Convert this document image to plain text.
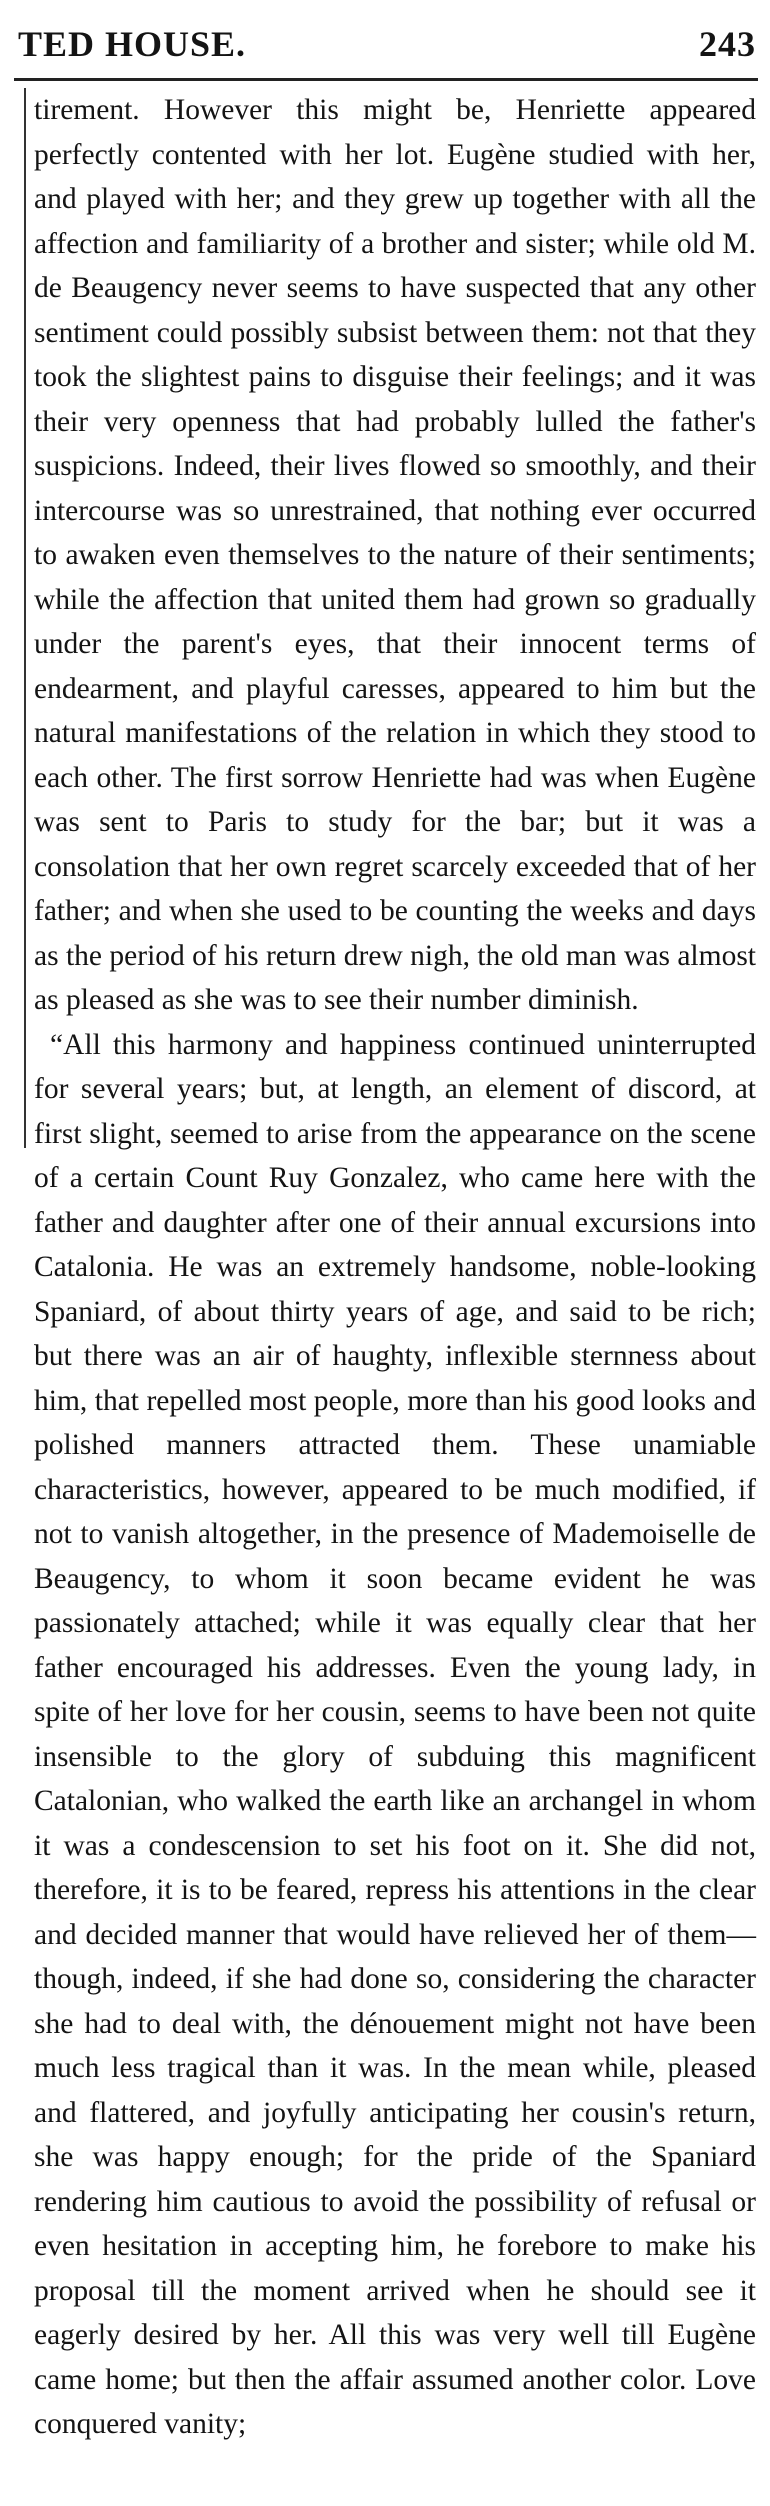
TED HOUSE.	243

tirement. However this might be, Henriette appeared perfectly contented with her lot. Eugène studied with her, and played with her; and they grew up together with all the affection and familiarity of a brother and sister; while old M. de Beaugency never seems to have suspected that any other sentiment could possibly subsist between them: not that they took the slightest pains to disguise their feelings; and it was their very openness that had probably lulled the father's suspicions. Indeed, their lives flowed so smoothly, and their intercourse was so unrestrained, that nothing ever occurred to awaken even themselves to the nature of their sentiments; while the affection that united them had grown so gradually under the parent's eyes, that their innocent terms of endearment, and playful caresses, appeared to him but the natural manifestations of the relation in which they stood to each other. The first sorrow Henriette had was when Eugène was sent to Paris to study for the bar; but it was a consolation that her own regret scarcely exceeded that of her father; and when she used to be counting the weeks and days as the period of his return drew nigh, the old man was almost as pleased as she was to see their number diminish.

“All this harmony and happiness continued uninterrupted for several years; but, at length, an element of discord, at first slight, seemed to arise from the appearance on the scene of a certain Count Ruy Gonzalez, who came here with the father and daughter after one of their annual excursions into Catalonia. He was an extremely handsome, noble-looking Spaniard, of about thirty years of age, and said to be rich; but there was an air of haughty, inflexible sternness about him, that repelled most people, more than his good looks and polished manners attracted them. These unamiable characteristics, however, appeared to be much modified, if not to vanish altogether, in the presence of Mademoiselle de Beaugency, to whom it soon became evident he was passionately attached; while it was equally clear that her father encouraged his addresses. Even the young lady, in spite of her love for her cousin, seems to have been not quite insensible to the glory of subduing this magnificent Catalonian, who walked the earth like an archangel in whom it was a condescension to set his foot on it. She did not, therefore, it is to be feared, repress his attentions in the clear and decided manner that would have relieved her of them—though, indeed, if she had done so, considering the character she had to deal with, the dénouement might not have been much less tragical than it was. In the mean while, pleased and flattered, and joyfully anticipating her cousin's return, she was happy enough; for the pride of the Spaniard rendering him cautious to avoid the possibility of refusal or even hesitation in accepting him, he forebore to make his proposal till the moment arrived when he should see it eagerly desired by her. All this was very well till Eugène came home; but then the affair assumed another color. Love conquered vanity;
